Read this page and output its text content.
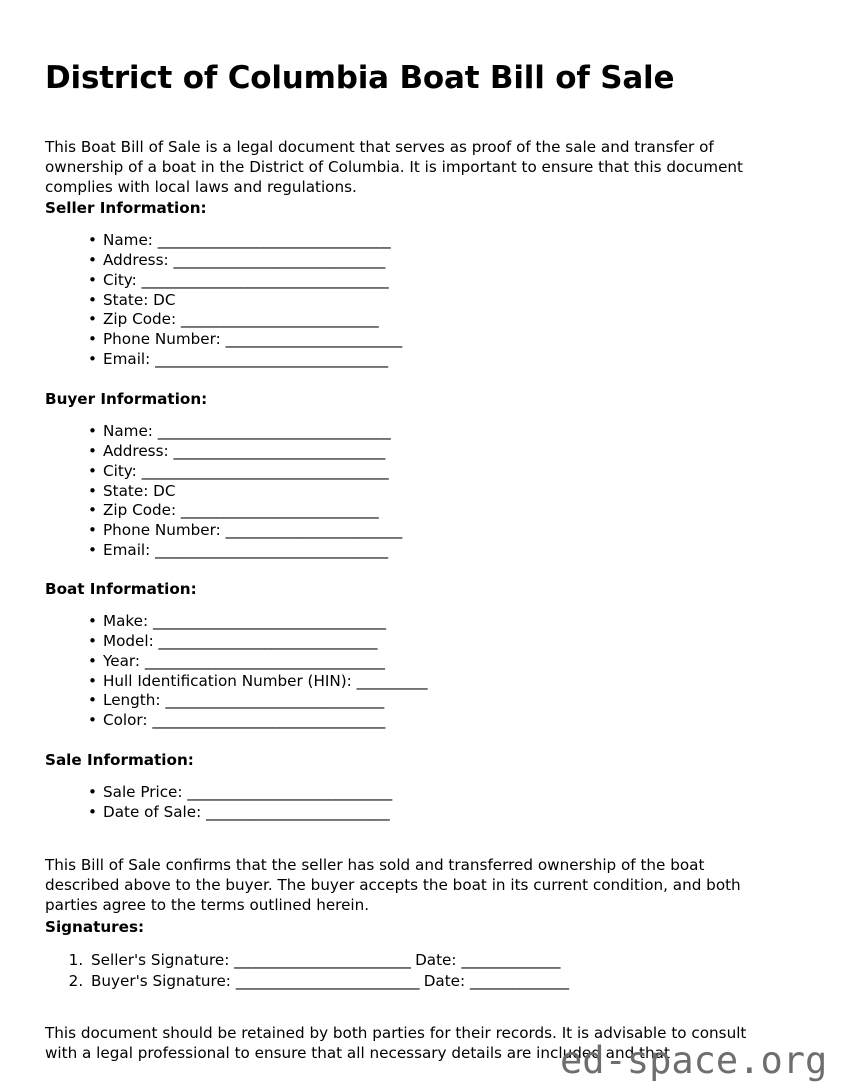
District of Columbia Boat Bill of Sale

This Boat Bill of Sale is a legal document that serves as proof of the sale and transfer of ownership of a boat in the District of Columbia. It is important to ensure that this document complies with local laws and regulations.

Seller Information:
• Name: _________________________________
• Address: ______________________________
• City: ___________________________________
• State: DC
• Zip Code: ____________________________
• Phone Number: _________________________
• Email: _________________________________
Buyer Information:
• Name: _________________________________
• Address: ______________________________
• City: ___________________________________
• State: DC
• Zip Code: ____________________________
• Phone Number: _________________________
• Email: _________________________________
Boat Information:
• Make: _________________________________
• Model: _______________________________
• Year: __________________________________
• Hull Identification Number (HIN): __________
• Length: _______________________________
• Color: _________________________________
Sale Information:
• Sale Price: _____________________________
• Date of Sale: __________________________

This Bill of Sale confirms that the seller has sold and transferred ownership of the boat described above to the buyer. The buyer accepts the boat in its current condition, and both parties agree to the terms outlined herein.

Signatures:
1. Seller's Signature: _________________________ Date: ______________
2. Buyer's Signature: __________________________ Date: ______________

This document should be retained by both parties for their records. It is advisable to consult with a legal professional to ensure that all necessary details are included and that

ed-space.org
